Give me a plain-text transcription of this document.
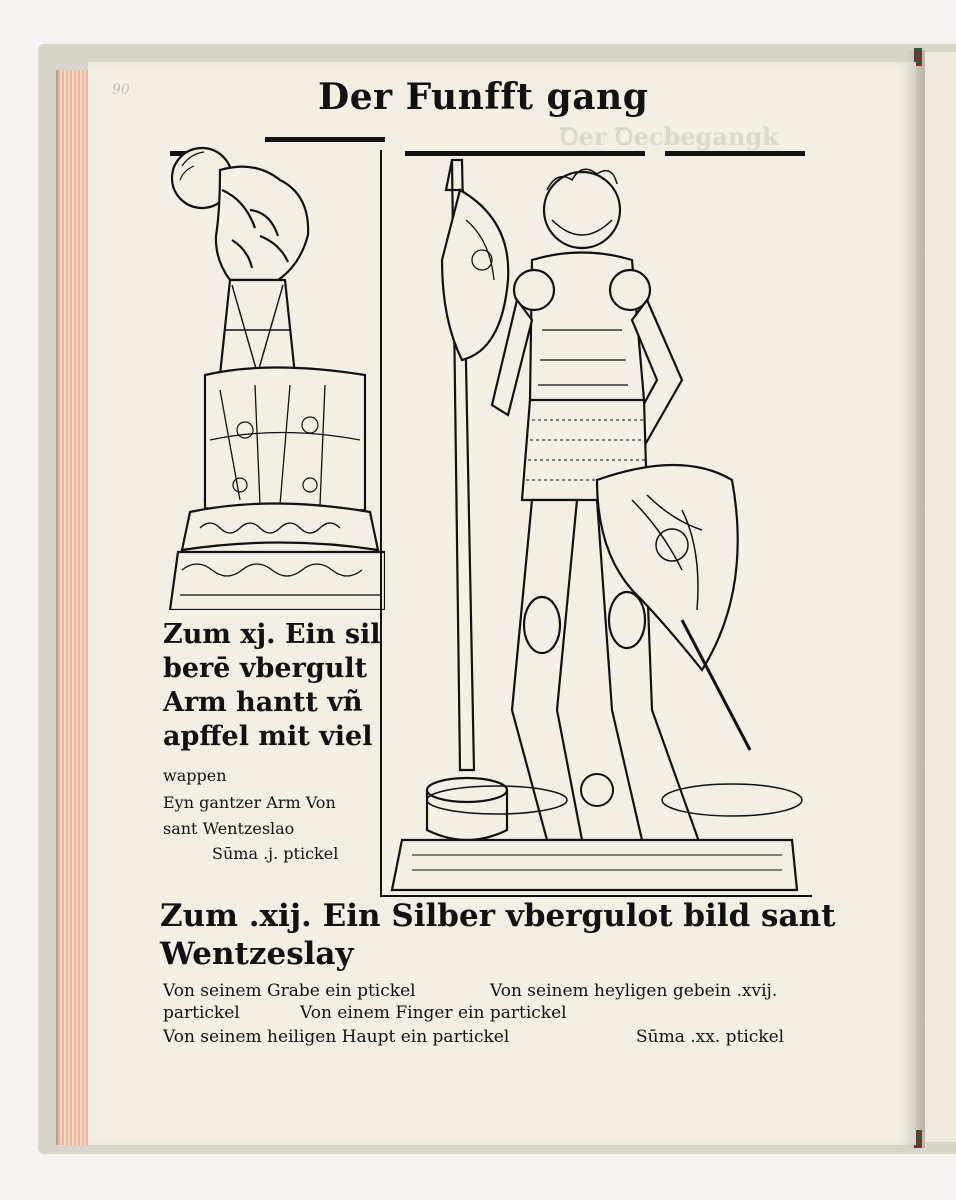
Ꝺer Ꝺecbegangk
90	Der Funfft gang
Zum xj. Ein sil
berē vbergult
Arm hantt vñ
apffel mit viel
wappen
Eyn gantzer Arm Von
sant Wentzeslao
Sūma .j. ptickel
Zum .xij. Ein Silber vbergulot bild sant
Wentzeslay
Von seinem Grabe ein ptickel	Von seinem heyligen gebein .xvij.
partickel	Von einem Finger ein partickel
Von seinem heiligen Haupt ein partickel	Sūma .xx. ptickel
